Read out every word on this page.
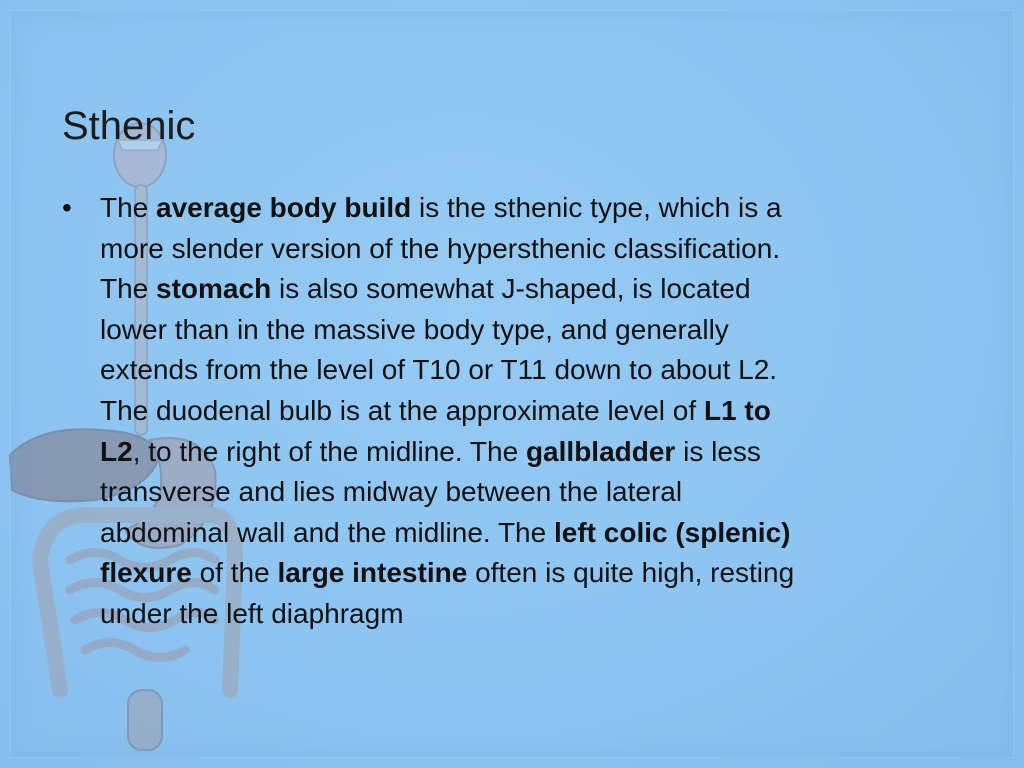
Sthenic
• The average body build is the sthenic type, which is a
more slender version of the hypersthenic classification.
The stomach is also somewhat J-shaped, is located
lower than in the massive body type, and generally
extends from the level of T10 or T11 down to about L2.
The duodenal bulb is at the approximate level of L1 to
L2, to the right of the midline. The gallbladder is less
transverse and lies midway between the lateral
abdominal wall and the midline. The left colic (splenic)
flexure of the large intestine often is quite high, resting
under the left diaphragm
